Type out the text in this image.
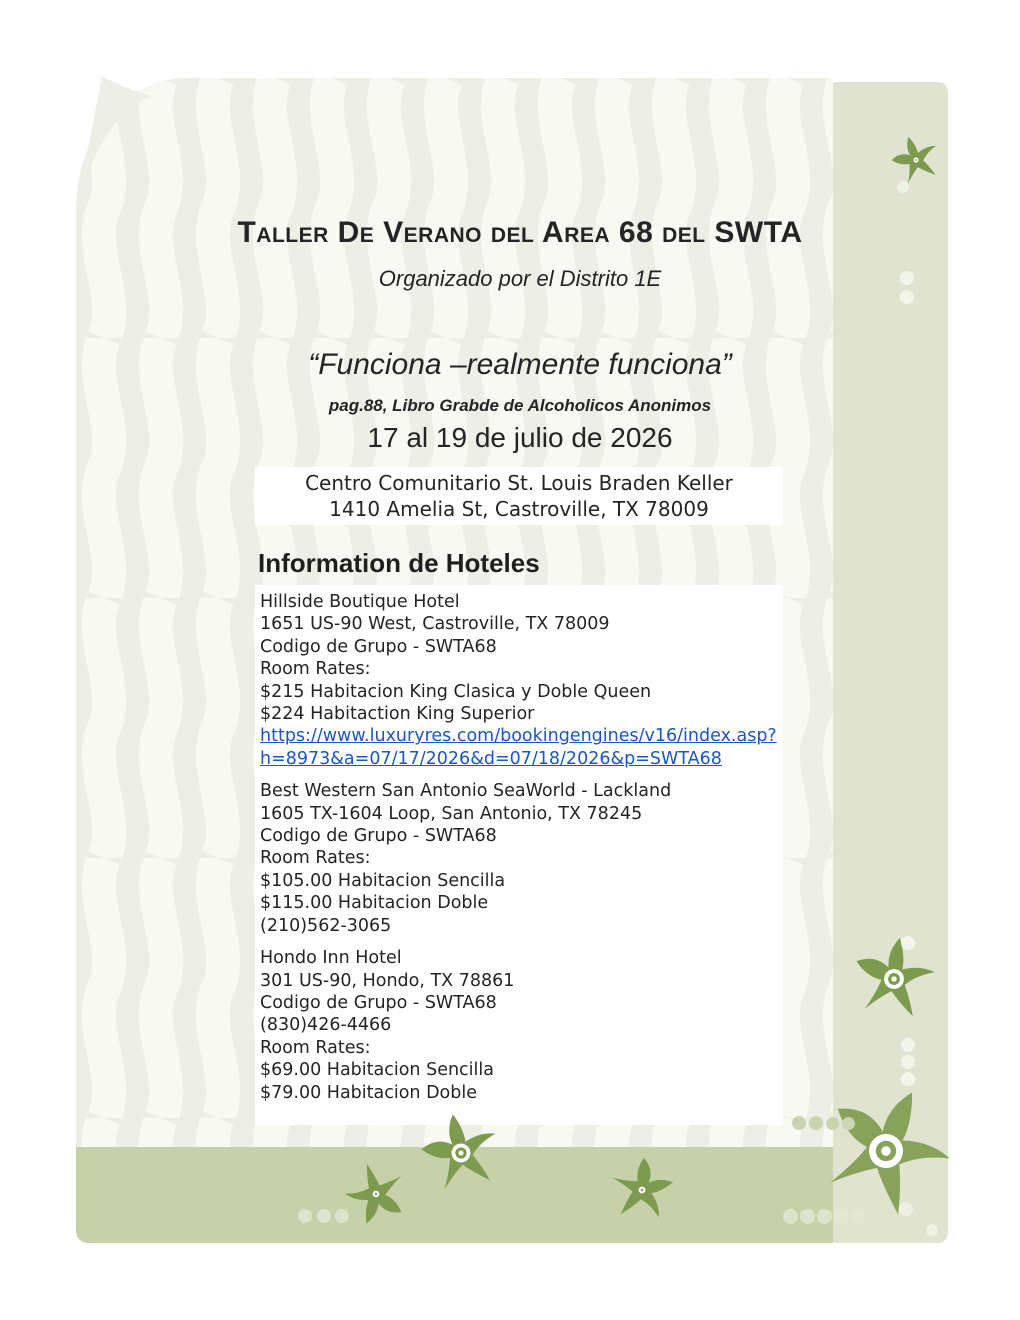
Taller De Verano del Area 68 del SWTA
Organizado por el Distrito 1E
“Funciona –realmente funciona”
pag.88, Libro Grabde de Alcoholicos Anonimos
17 al 19 de julio de 2026
Centro Comunitario St. Louis Braden Keller
1410 Amelia St, Castroville, TX 78009
Information de Hoteles
Hillside Boutique Hotel
1651 US-90 West, Castroville, TX 78009
Codigo de Grupo - SWTA68
Room Rates:
$215 Habitacion King Clasica y Doble Queen
$224 Habitaction King Superior
https://www.luxuryres.com/bookingengines/v16/index.asp?h=8973&a=07/17/2026&d=07/18/2026&p=SWTA68
Best Western San Antonio SeaWorld - Lackland
1605 TX-1604 Loop, San Antonio, TX 78245
Codigo de Grupo - SWTA68
Room Rates:
$105.00 Habitacion Sencilla
$115.00 Habitacion Doble
(210)562-3065
Hondo Inn Hotel
301 US-90, Hondo, TX 78861
Codigo de Grupo - SWTA68
(830)426-4466
Room Rates:
$69.00 Habitacion Sencilla
$79.00 Habitacion Doble
